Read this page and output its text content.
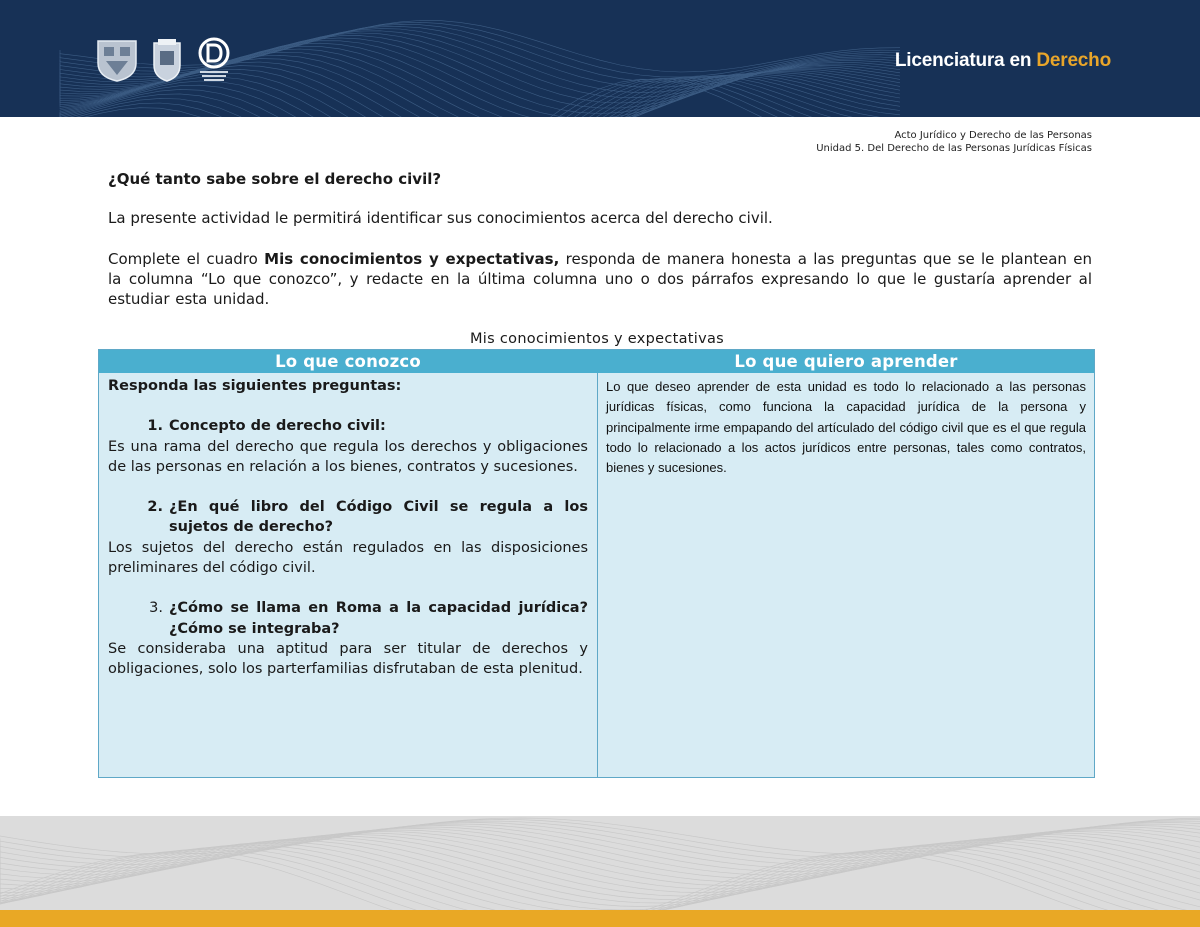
Licenciatura en Derecho
Acto Jurídico y Derecho de las Personas
Unidad 5. Del Derecho de las Personas Jurídicas Físicas
¿Qué tanto sabe sobre el derecho civil?
La presente actividad le permitirá identificar sus conocimientos acerca del derecho civil.
Complete el cuadro Mis conocimientos y expectativas, responda de manera honesta a las preguntas que se le plantean en la columna “Lo que conozco”, y redacte en la última columna uno o dos párrafos expresando lo que le gustaría aprender al estudiar esta unidad.
Mis conocimientos y expectativas
Lo que conozco	Lo que quiero aprender
Responda las siguientes preguntas:
1. Concepto de derecho civil:
Es una rama del derecho que regula los derechos y obligaciones de las personas en relación a los bienes, contratos y sucesiones.
2. ¿En qué libro del Código Civil se regula a los sujetos de derecho?
Los sujetos del derecho están regulados en las disposiciones preliminares del código civil.
3. ¿Cómo se llama en Roma a la capacidad jurídica? ¿Cómo se integraba?
Se consideraba una aptitud para ser titular de derechos y obligaciones, solo los parterfamilias disfrutaban de esta plenitud.
Lo que deseo aprender de esta unidad es todo lo relacionado a las personas jurídicas físicas, como funciona la capacidad jurídica de la persona y principalmente irme empapando del artículado del código civil que es el que regula todo lo relacionado a los actos jurídicos entre personas, tales como contratos, bienes y sucesiones.
